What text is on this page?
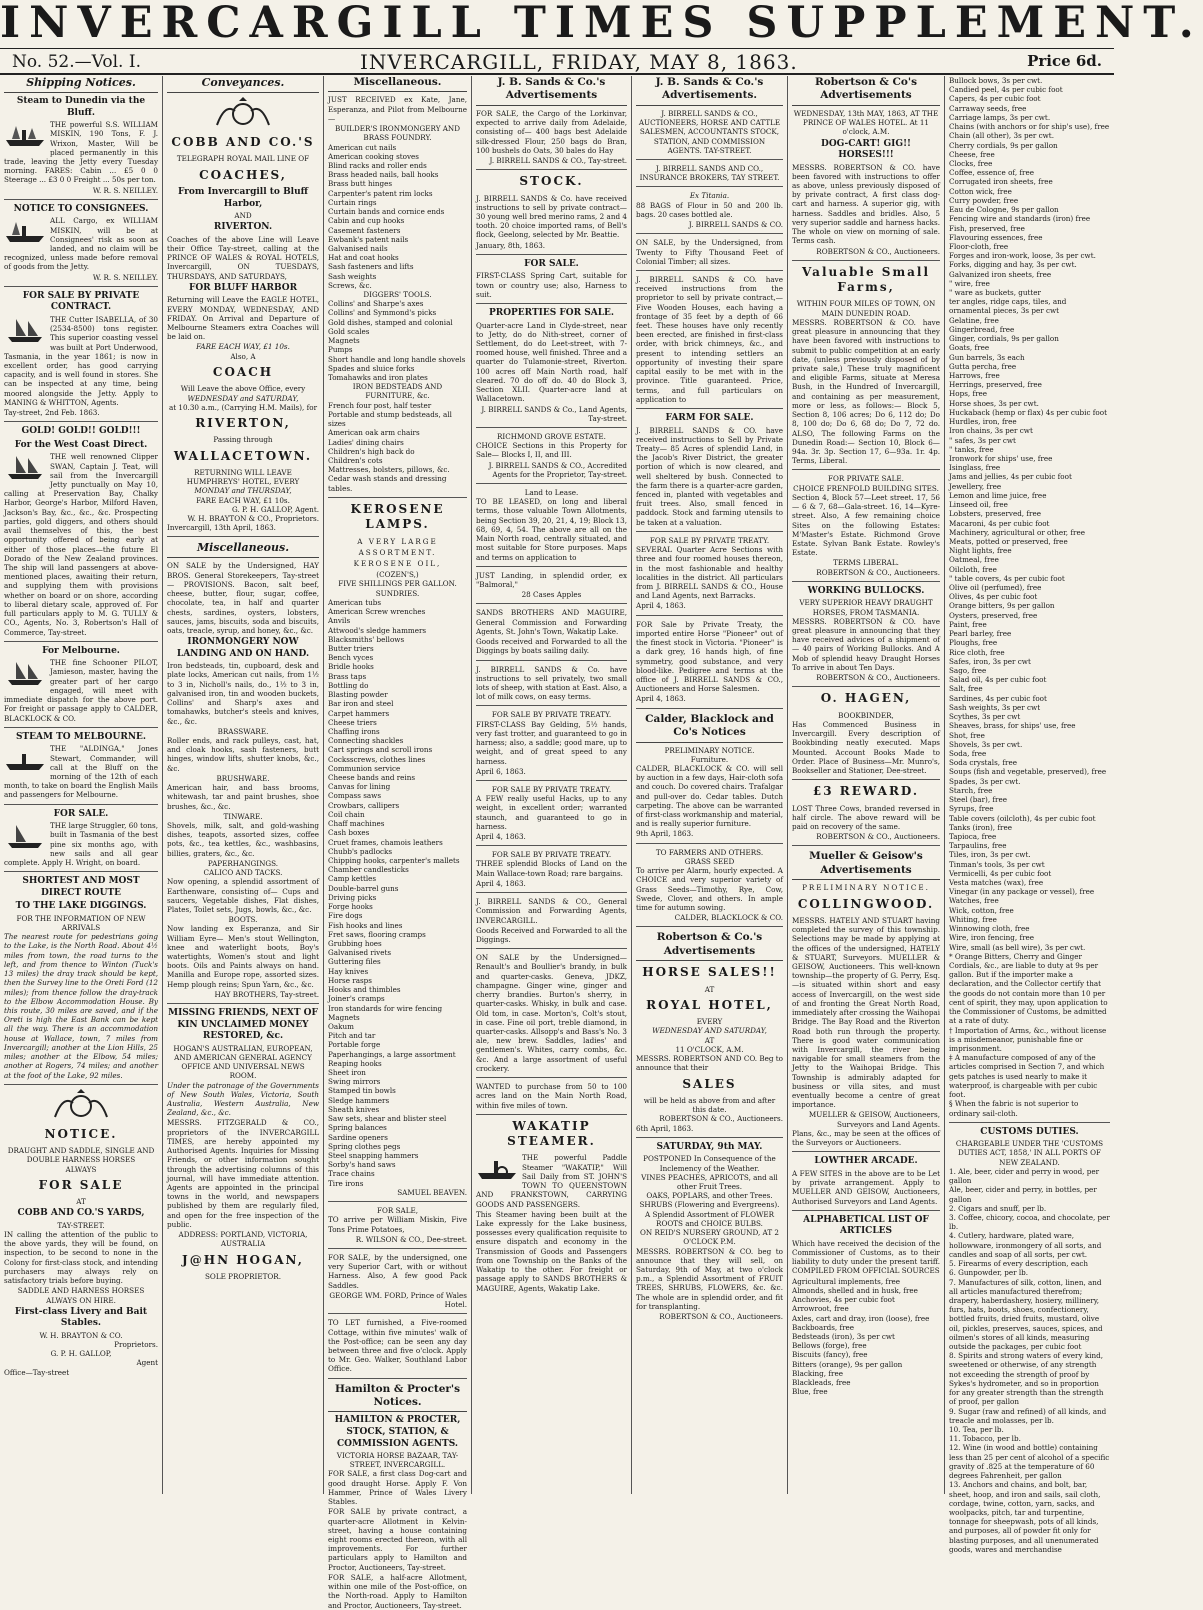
INVERCARGILL TIMES SUPPLEMENT.
No. 52.—Vol. I.	INVERCARGILL, FRIDAY, MAY 8, 1863.	Price 6d.
Shipping Notices.
Steam to Dunedin via the Bluff.

THE powerful S.S. WILLIAM MISKIN, 190 Tons, F. J. Wrixon, Master, Will be placed permanently in this trade, leaving the Jetty every Tuesday morning. FARES: Cabin ... £5 0 0 Steerage ... £3 0 0 Freight ... 50s per ton.

W. R. S. NEILLEY.
NOTICE TO CONSIGNEES.

ALL Cargo, ex WILLIAM MISKIN, will be at Consignees' risk as soon as landed, and no claim will be recognized, unless made before removal of goods from the Jetty.

W. R. S. NEILLEY.
FOR SALE BY PRIVATE CONTRACT.

THE Cutter ISABELLA, of 30 (2534-8500) tons register. This superior coasting vessel was built at Port Underwood, Tasmania, in the year 1861; is now in excellent order, has good carrying capacity, and is well found in stores. She can be inspected at any time, being moored alongside the Jetty. Apply to MANING & WHITTON, Agents.

Tay-street, 2nd Feb. 1863.
GOLD! GOLD!! GOLD!!!
For the West Coast Direct.

THE well renowned Clipper SWAN, Captain J. Teat, will sail from the Invercargill Jetty punctually on May 10, calling at Preservation Bay, Chalky Harbor, George's Harbor, Milford Haven, Jackson's Bay, &c., &c., &c. Prospecting parties, gold diggers, and others should avail themselves of this, the best opportunity offered of being early at either of those places—the future El Dorado of the New Zealand provinces. The ship will land passengers at above-mentioned places, awaiting their return, and supplying them with provisions whether on board or on shore, according to liberal dietary scale, approved of. For full particulars apply to M. G. TULLY & CO., Agents, No. 3, Robertson's Hall of Commerce, Tay-street.

For Melbourne.

THE fine Schooner PILOT, Jamieson, master, having the greater part of her cargo engaged, will meet with immediate dispatch for the above port. For freight or passage apply to CALDER, BLACKLOCK & CO.

STEAM TO MELBOURNE.

THE "ALDINGA," Jones Stewart, Commander, will call at the Bluff on the morning of the 12th of each month, to take on board the English Mails and passengers for Melbourne.

FOR SALE.

THE large Struggler, 60 tons, built in Tasmania of the best pine six months ago, with new sails and all gear complete. Apply H. Wright, on board.

SHORTEST AND MOST DIRECT ROUTE
TO THE LAKE DIGGINGS.
FOR THE INFORMATION OF NEW ARRIVALS

The nearest route for pedestrians going to the Lake, is the North Road. About 4½ miles from town, the road turns to the left, and from thence to Winton (Tuck's 13 miles) the dray track should be kept, then the Survey line to the Oreti Ford (12 miles); from thence follow the dray-track to the Elbow Accommodation House. By this route, 30 miles are saved, and if the Oreti is high the East Bank can be kept all the way. There is an accommodation house at Wallace, town, 7 miles from Invercargill; another at the Lion Hills, 25 miles; another at the Elbow, 54 miles; another at Rogers, 74 miles; and another at the foot of the Lake, 92 miles.

NOTICE.
DRAUGHT AND SADDLE, SINGLE AND
DOUBLE HARNESS HORSES
ALWAYS
FOR SALE
AT
COBB AND CO.'S YARDS,
TAY-STREET.

IN calling the attention of the public to the above yards, they will be found, on inspection, to be second to none in the Colony for first-class stock, and intending purchasers may always rely on satisfactory trials before buying.

SADDLE AND HARNESS HORSES ALWAYS ON HIRE.
First-class Livery and Bait Stables.
W. H. BRAYTON & CO.
Proprietors.
G. P. H. GALLOP,
Agent
Office—Tay-street
Conveyances.
COBB AND CO.'S
TELEGRAPH ROYAL MAIL LINE OF
COACHES,
From Invercargill to Bluff Harbor,
AND
RIVERTON.

Coaches of the above Line will Leave their Office Tay-street, calling at the PRINCE OF WALES & ROYAL HOTELS, Invercargill, ON TUESDAYS, THURSDAYS, AND SATURDAYS,

FOR BLUFF HARBOR

Returning will Leave the EAGLE HOTEL, EVERY MONDAY, WEDNESDAY, AND FRIDAY. On Arrival and Departure of Melbourne Steamers extra Coaches will be laid on.

FARE EACH WAY, £1 10s.
Also, A
COACH
Will Leave the above Office, every
WEDNESDAY and SATURDAY,
at 10.30 a.m., (Carrying H.M. Mails), for
RIVERTON,
Passing through
WALLACETOWN.
RETURNING WILL LEAVE HUMPHREYS' HOTEL, EVERY
MONDAY and THURSDAY,
FARE EACH WAY, £1 10s.
G. P. H. GALLOP, Agent.
W. H. BRAYTON & CO., Proprietors.
Invercargill, 13th April, 1863.
Miscellaneous.

ON SALE by the Undersigned, HAY BROS. General Storekeepers, Tay-street— PROVISIONS. Bacon, salt beef, cheese, butter, flour, sugar, coffee, chocolate, tea, in half and quarter chests, sardines, oysters, lobsters, sauces, jams, biscuits, soda and biscuits, oats, treacle, syrup, and honey, &c., &c.

IRONMONGERY NOW LANDING AND ON HAND.

Iron bedsteads, tin, cupboard, desk and plate locks, American cut nails, from 1½ to 3 in, Nicholl's nails, do., 1½ to 3 in, galvanised iron, tin and wooden buckets, Collins' and Sharp's axes and tomahawks, butcher's steels and knives, &c., &c.

BRASSWARE.

Roller ends, and rack pulleys, cast, hat, and cloak hooks, sash fasteners, butt hinges, window lifts, shutter knobs, &c., &c.

BRUSHWARE.

American hair, and bass brooms, whitewash, tar and paint brushes, shoe brushes, &c., &c.

TINWARE.

Shovels, milk, salt, and gold-washing dishes, teapots, assorted sizes, coffee pots, &c., tea kettles, &c., washbasins, billies, graters, &c., &c.

PAPERHANGINGS.
CALICO AND TACKS.

Now opening, a splendid assortment of Earthenware, consisting of— Cups and saucers, Vegetable dishes, Flat dishes, Plates, Toilet sets, Jugs, bowls, &c., &c.

BOOTS.

Now landing ex Esperanza, and Sir William Eyre— Men's stout Wellington, knee and waterlight boots, Boy's watertights, Women's stout and light boots. Oils and Paints always on hand. Manilla and Europe rope, assorted sizes. Hemp plough reins; Spun Yarn, &c., &c.

HAY BROTHERS, Tay-street.
MISSING FRIENDS, NEXT OF KIN UNCLAIMED MONEY RESTORED, &c.
HOGAN'S AUSTRALIAN, EUROPEAN, AND AMERICAN GENERAL AGENCY OFFICE AND UNIVERSAL NEWS ROOM.

Under the patronage of the Governments of New South Wales, Victoria, South Australia, Western Australia, New Zealand, &c., &c.

MESSRS. FITZGERALD & CO., proprietors of the INVERCARGILL TIMES, are hereby appointed my Authorised Agents. Inquiries for Missing Friends, or other information sought through the advertising columns of this journal, will have immediate attention. Agents are appointed in the principal towns in the world, and newspapers published by them are regularly filed, and open for the free inspection of the public.

ADDRESS: PORTLAND, VICTORIA, AUSTRALIA
J@HN HOGAN,
SOLE PROPRIETOR.
Miscellaneous.

JUST RECEIVED ex Kate, Jane, Esperanza, and Pilot from Melbourne—

BUILDER'S IRONMONGERY AND BRASS FOUNDRY.
American cut nails
American cooking stoves
Blind racks and roller ends
Brass headed nails, ball hooks
Brass butt hinges
Carpenter's patent rim locks
Curtain rings
Curtain bands and cornice ends
Cabin and cup hooks
Casement fasteners
Ewbank's patent nails
Galvanised nails
Hat and coat hooks
Sash fasteners and lifts
Sash weights
Screws, &c.
DIGGERS' TOOLS.
Collins' and Sharpe's axes
Collins' and Symmond's picks
Gold dishes, stamped and colonial
Gold scales
Magnets
Pumps
Short handle and long handle shovels
Spades and sluice forks
Tomahawks and iron plates
IRON BEDSTEADS AND FURNITURE, &c.
French four post, half tester
Portable and stump bedsteads, all sizes
American oak arm chairs
Ladies' dining chairs
Children's high back do
Children's cots
Mattresses, bolsters, pillows, &c.
Cedar wash stands and dressing tables.
KEROSENE LAMPS.
A VERY LARGE
ASSORTMENT.
KEROSENE OIL,
(COZEN'S,)
FIVE SHILLINGS PER GALLON.
SUNDRIES.
American tubs
American Screw wrenches
Anvils
Attwood's sledge hammers
Blacksmiths' bellows
Butter triers
Bench vyces
Bridle hooks
Brass taps
Bottling do
Blasting powder
Bar iron and steel
Carpet hammers
Cheese triers
Chaffing irons
Connecting shackles
Cart springs and scroll irons
Cocksscrews, clothes lines
Communion service
Cheese bands and reins
Canvas for lining
Compass saws
Crowbars, callipers
Coil chain
Chaff machines
Cash boxes
Cruet frames, chamois leathers
Chubb's padlocks
Chipping hooks, carpenter's mallets
Chamber candlesticks
Camp kettles
Double-barrel guns
Driving picks
Forge hooks
Fire dogs
Fish hooks and lines
Fret saws, flooring cramps
Grubbing hoes
Galvanised rivets
Guttering files
Hay knives
Horse rasps
Hooks and thimbles
Joiner's cramps
Iron standards for wire fencing
Magnets
Oakum
Pitch and tar
Portable forge
Paperhangings, a large assortment
Reaping hooks
Sheet iron
Swing mirrors
Stamped tin bowls
Sledge hammers
Sheath knives
Saw sets, shear and blister steel
Spring balances
Sardine openers
Spring clothes pegs
Steel snapping hammers
Sorby's hand saws
Trace chains
Tire irons
SAMUEL BEAVEN.
FOR SALE,

TO arrive per William Miskin, Five Tons Prime Potatoes,

R. WILSON & CO., Dee-street.

FOR SALE, by the undersigned, one very Superior Cart, with or without Harness. Also, A few good Pack Saddles.

GEORGE WM. FORD, Prince of Wales Hotel.

TO LET furnished, a Five-roomed Cottage, within five minutes' walk of the Post-office; can be seen any day between three and five o'clock. Apply to Mr. Geo. Walker, Southland Labor Office.

Hamilton & Procter's Notices.
HAMILTON & PROCTER, STOCK, STATION, & COMMISSION AGENTS.
VICTORIA HORSE BAZAAR, TAY-STREET, INVERCARGILL.

FOR SALE, a first class Dog-cart and good draught Horse. Apply F. Von Hammer, Prince of Wales Livery Stables.

FOR SALE by private contract, a quarter-acre Allotment in Kelvin-street, having a house containing eight rooms erected thereon, with all improvements. For further particulars apply to Hamilton and Proctor, Auctioneers, Tay-street.

FOR SALE, a half-acre Allotment, within one mile of the Post-office, on the North-road. Apply to Hamilton and Proctor, Auctioneers, Tay-street.

J. B. Sands & Co.'s Advertisements

FOR SALE, the Cargo of the Lorkinvar, expected to arrive daily from Adelaide, consisting of— 400 bags best Adelaide silk-dressed Flour, 250 bags do Bran, 100 bushels do Oats, 30 bales do Hay

J. BIRRELL SANDS & CO., Tay-street.
STOCK.

J. BIRRELL SANDS & Co. have received instructions to sell by private contract— 30 young well bred merino rams, 2 and 4 tooth. 20 choice imported rams, of Bell's flock, Geelong, selected by Mr. Beattie.

January, 8th, 1863.
FOR SALE.

FIRST-CLASS Spring Cart, suitable for town or country use; also, Harness to suit.

PROPERTIES FOR SALE.

Quarter-acre Land in Clyde-street, near to Jetty, do do Nith-street, corner of Settlement, do do Leet-street, with 7-roomed house, well finished. Three and a quarter do Tulamonie-street, Riverton. 100 acres off Main North road, half cleared. 70 do off do. 40 do Block 3, Section XLII. Quarter-acre land at Wallacetown.

J. BIRRELL SANDS & Co., Land Agents, Tay-street.
RICHMOND GROVE ESTATE.

CHOICE Sections in this Property for Sale— Blocks I, II, and III.

J. BIRRELL SANDS & CO., Accredited Agents for the Proprietor, Tay-street.
Land to Lease.

TO BE LEASED, on long and liberal terms, those valuable Town Allotments, being Section 39, 20, 21, 4, 19; Block 13, 68, 69, 4, 54. The above are all on the Main North road, centrally situated, and most suitable for Store purposes. Maps and terms on application to

JUST Landing, in splendid order, ex "Balmoral,"

28 Cases Apples

SANDS BROTHERS AND MAGUIRE, General Commission and Forwarding Agents, St. John's Town, Wakatip Lake.

Goods received and Forwarded to all the Diggings by boats sailing daily.

J. BIRRELL SANDS & Co. have instructions to sell privately, two small lots of sheep, with station at East. Also, a lot of milk cows, on easy terms.

FOR SALE BY PRIVATE TREATY.

FIRST-CLASS Bay Gelding, 5½ hands, very fast trotter, and guaranteed to go in harness; also, a saddle; good mare, up to weight, and of great speed to any harness.

April 6, 1863.
FOR SALE BY PRIVATE TREATY.

A FEW really useful Hacks, up to any weight, in excellent order; warranted staunch, and guaranteed to go in harness.

April 4, 1863.
FOR SALE BY PRIVATE TREATY.

THREE splendid Blocks of Land on the Main Wallace-town Road; rare bargains.

April 4, 1863.

J. BIRRELL SANDS & CO., General Commission and Forwarding Agents, INVERCARGILL.

Goods Received and Forwarded to all the Diggings.

ON SALE by the Undersigned— Renault's and Boullier's brandy, in bulk and quarter-casks. Geneva, JDKZ, champagne. Ginger wine, ginger and cherry brandies. Burton's sherry, in quarter-casks. Whisky, in bulk and case. Old tom, in case. Morton's, Colt's stout, in case. Fine oil port, treble diamond, in quarter-casks. Allsopp's and Bass's No. 3 ale, new brew. Saddles, ladies' and gentlemen's. Whites, carry combs, &c. &c. And a large assortment of useful crockery.

WANTED to purchase from 50 to 100 acres land on the Main North Road, within five miles of town.

WAKATIP STEAMER.

THE powerful Paddle Steamer "WAKATIP," Will Sail Daily from ST. JOHN'S TOWN TO QUEENSTOWN AND FRANKSTOWN, CARRYING GOODS AND PASSENGERS.

This Steamer having been built at the Lake expressly for the Lake business, possesses every qualification requisite to ensure dispatch and economy in the Transmission of Goods and Passengers from one Township on the Banks of the Wakatip to the other. For freight or passage apply to SANDS BROTHERS & MAGUIRE, Agents, Wakatip Lake.

J. B. Sands & Co.'s Advertisements.
J. BIRRELL SANDS & CO., AUCTIONEERS, HORSE AND CATTLE SALESMEN, ACCOUNTANTS STOCK, STATION, AND COMMISSION AGENTS. TAY-STREET.
J. BIRRELL SANDS AND CO., INSURANCE BROKERS, TAY STREET.
Ex Titania.

88 BAGS of Flour in 50 and 200 lb. bags. 20 cases bottled ale.

J. BIRRELL SANDS & CO.

ON SALE, by the Undersigned, from Twenty to Fifty Thousand Feet of Colonial Timber; all sizes.

J. BIRRELL SANDS & CO. have received instructions from the proprietor to sell by private contract,— Five Wooden Houses, each having a frontage of 35 feet by a depth of 66 feet. These houses have only recently been erected, are finished in first-class order, with brick chimneys, &c., and present to intending settlers an opportunity of investing their spare capital easily to be met with in the province. Title guaranteed. Price, terms, and full particulars on application to

FARM FOR SALE.

J. BIRRELL SANDS & CO. have received instructions to Sell by Private Treaty— 85 Acres of splendid Land, in the Jacob's River District, the greater portion of which is now cleared, and well sheltered by bush. Connected to the farm there is a quarter-acre garden, fenced in, planted with vegetables and fruit trees. Also, small fenced in paddock. Stock and farming utensils to be taken at a valuation.

FOR SALE BY PRIVATE TREATY.

SEVERAL Quarter Acre Sections with three and four roomed houses thereon, in the most fashionable and healthy localities in the district. All particulars from J. BIRRELL SANDS & CO., House and Land Agents, next Barracks.

April 4, 1863.

FOR Sale by Private Treaty, the imported entire Horse "Pioneer" out of the finest stock in Victoria. "Pioneer" is a dark grey, 16 hands high, of fine symmetry, good substance, and very blood-like. Pedigree and terms at the office of J. BIRRELL SANDS & CO., Auctioneers and Horse Salesmen.

April 4, 1863.
Calder, Blacklock and Co's Notices
PRELIMINARY NOTICE.
Furniture.

CALDER, BLACKLOCK & CO. will sell by auction in a few days, Hair-cloth sofa and couch. Do covered chairs. Trafalgar and pull-over do. Cedar tables. Dutch carpeting. The above can be warranted of first-class workmanship and material, and is really superior furniture.

9th April, 1863.
TO FARMERS AND OTHERS.
GRASS SEED

To arrive per Alarm, hourly expected. A CHOICE and very superior variety of Grass Seeds—Timothy, Rye, Cow, Swede, Clover, and others. In ample time for autumn sowing.

CALDER, BLACKLOCK & CO.
Robertson & Co.'s Advertisements
HORSE SALES!!
AT
ROYAL HOTEL,
EVERY
WEDNESDAY AND SATURDAY,
AT
11 O'CLOCK, A.M.

MESSRS. ROBERTSON AND CO. Beg to announce that their

SALES
will be held as above from and after this date.
ROBERTSON & CO., Auctioneers.
6th April, 1863.
SATURDAY, 9th MAY.
POSTPONED In Consequence of the Inclemency of the Weather.
VINES PEACHES, APRICOTS, and all other Fruit Trees.
OAKS, POPLARS, and other Trees.
SHRUBS (Flowering and Evergreens).
A Splendid Assortment of FLOWER ROOTS and CHOICE BULBS.
ON REID'S NURSERY GROUND, AT 2 O'CLOCK P.M.

MESSRS. ROBERTSON & CO. beg to announce that they will sell, on Saturday, 9th of May, at two o'clock p.m., a Splendid Assortment of FRUIT TREES, SHRUBS, FLOWERS, &c. &c. The whole are in splendid order, and fit for transplanting.

ROBERTSON & CO., Auctioneers.
Robertson & Co's Advertisements
WEDNESDAY, 13th MAY, 1863, AT THE PRINCE OF WALES HOTEL. At 11 o'clock, A.M.
DOG-CART! GIG!! HORSES!!!

MESSRS. ROBERTSON & CO. have been favored with instructions to offer as above, unless previously disposed of by private contract, A first class dog-cart and harness. A superior gig, with harness. Saddles and bridles. Also, 5 very superior saddle and harness hacks. The whole on view on morning of sale. Terms cash.

ROBERTSON & CO., Auctioneers.
Valuable Small Farms,
WITHIN FOUR MILES OF TOWN, ON MAIN DUNEDIN ROAD.

MESSRS. ROBERTSON & CO. have great pleasure in announcing that they have been favored with instructions to submit to public competition at an early date, (unless previously disposed of by private sale,) These truly magnificent and eligible Farms, situate at Meresa Bush, in the Hundred of Invercargill, and containing as per measurement, more or less, as follows:— Block 5, Section 8, 106 acres; Do 6, 112 do; Do 8, 100 do; Do 6, 68 do; Do 7, 72 do. ALSO, The following Farms on the Dunedin Road:— Section 10, Block 6—94a. 3r. 3p. Section 17, 6—93a. 1r. 4p. Terms, Liberal.

FOR PRIVATE SALE.
CHOICE FRENFOLD BUILDING SITES.

Section 4, Block 57—Leet street. 17, 56— 6 & 7, 68—Gala-street. 16, 14—Kyre-street. Also, A few remaining choice Sites on the following Estates: M'Master's Estate. Richmond Grove Estate. Sylvan Bank Estate. Rowley's Estate.

TERMS LIBERAL.
ROBERTSON & CO., Auctioneers.
WORKING BULLOCKS.
VERY SUPERIOR HEAVY DRAUGHT HORSES, FROM TASMANIA.

MESSRS. ROBERTSON & CO. have great pleasure in announcing that they have received advices of a shipment of— 40 pairs of Working Bullocks. And A Mob of splendid heavy Draught Horses To arrive in about Ten Days.

ROBERTSON & CO., Auctioneers.
O. HAGEN,
BOOKBINDER,

Has Commenced Business in Invercargill. Every description of Bookbinding neatly executed. Maps Mounted. Account Books Made to Order. Place of Business—Mr. Munro's, Bookseller and Stationer, Dee-street.

£3 REWARD.

LOST Three Cows, branded reversed in half circle. The above reward will be paid on recovery of the same.

ROBERTSON & CO., Auctioneers.
Mueller & Geisow's Advertisements
PRELIMINARY NOTICE.
COLLINGWOOD.

MESSRS. HATELY AND STUART having completed the survey of this township. Selections may be made by applying at the offices of the undersigned, HATELY & STUART, Surveyors. MUELLER & GEISOW, Auctioneers. This well-known township—the property of G. Perry, Esq.—is situated within short and easy access of Invercargill, on the west side of and fronting the Great North Road, immediately after crossing the Waihopai Bridge. The Bay Road and the Riverton Road both run through the property. There is good water communication with Invercargill, the river being navigable for small steamers from the Jetty to the Waihopai Bridge. This Township is admirably adapted for business or villa sites, and must eventually become a centre of great importance.

MUELLER & GEISOW, Auctioneers, Surveyors and Land Agents.

Plans, &c., may be seen at the offices of the Surveyors or Auctioneers.

LOWTHER ARCADE.

A FEW SITES in the above are to be Let by private arrangement. Apply to MUELLER AND GEISOW, Auctioneers, Authorised Surveyors and Land Agents.

ALPHABETICAL LIST OF ARTICLES

Which have received the decision of the Commissioner of Customs, as to their liability to duty under the present tariff. COMPILED FROM OFFICIAL SOURCES

Agricultural implements, free
Almonds, shelled and in husk, free
Anchovies, 4s per cubic foot
Arrowroot, free
Axles, cart and dray, iron (loose), free
Backboards, free
Bedsteads (iron), 3s per cwt
Bellows (forge), free
Biscuits (fancy), free
Bitters (orange), 9s per gallon
Blacking, free
Blackleads, free
Blue, free
Bullock bows, 3s per cwt.
Candied peel, 4s per cubic foot
Capers, 4s per cubic foot
Carraway seeds, free
Carriage lamps, 3s per cwt.
Chains (with anchors or for ship's use), free
Chain (all other), 3s per cwt.
Cherry cordials, 9s per gallon
Cheese, free
Clocks, free
Coffee, essence of, free
Corrugated iron sheets, free
Cotton wick, free
Curry powder, free
Eau de Cologne, 9s per gallon
Fencing wire and standards (iron) free
Fish, preserved, free
Flavouring essences, free
Floor-cloth, free
Forges and iron-work, loose, 3s per cwt.
Forks, digging and hay, 3s per cwt.
Galvanized iron sheets, free
" wire, free
" ware as buckets, gutter
ter angles, ridge caps, tiles, and ornamental pieces, 3s per cwt
Gelatine, free
Gingerbread, free
Ginger, cordials, 9s per gallon
Goats, free
Gun barrels, 3s each
Gutta percha, free
Harrows, free
Herrings, preserved, free
Hops, free
Horse shoes, 3s per cwt.
Huckaback (hemp or flax) 4s per cubic foot
Hurdles, iron, free
Iron chains, 3s per cwt
" safes, 3s per cwt
" tanks, free
Ironwork for ships' use, free
Isinglass, free
Jams and jellies, 4s per cubic foot
Jewellery, free
Lemon and lime juice, free
Linseed oil, free
Lobsters, preserved, free
Macaroni, 4s per cubic foot
Machinery, agricultural or other, free
Meats, potted or preserved, free
Night lights, free
Oatmeal, free
Oilcloth, free
" table covers, 4s per cubic foot
Olive oil (perfumed), free
Olives, 4s per cubic foot
Orange bitters, 9s per gallon
Oysters, preserved, free
Paint, free
Pearl barley, free
Ploughs, free
Rice cloth, free
Safes, iron, 3s per cwt
Sago, free
Salad oil, 4s per cubic foot
Salt, free
Sardines, 4s per cubic foot
Sash weights, 3s per cwt
Scythes, 3s per cwt
Sheaves, brass, for ships' use, free
Shot, free
Shovels, 3s per cwt.
Soda, free
Soda crystals, free
Soups (fish and vegetable, preserved), free
Spades, 3s per cwt.
Starch, free
Steel (bar), free
Syrups, free
Table covers (oilcloth), 4s per cubic foot
Tanks (iron), free
Tapioca, free
Tarpaulins, free
Tiles, iron, 3s per cwt.
Tinman's tools, 3s per cwt
Vermicelli, 4s per cubic foot
Vesta matches (wax), free
Vinegar (in any package or vessel), free
Watches, free
Wick, cotton, free
Whiting, free
Winnowing cloth, free
Wire, iron fencing, free
Wire, small (as bell wire), 3s per cwt.
* Orange Bitters, Cherry and Ginger Cordials, &c., are liable to duty at 9s per gallon. But if the importer make a declaration, and the Collector certify that the goods do not contain more than 10 per cent of spirit, they may, upon application to the Commissioner of Customs, be admitted at a rate of duty.
† Importation of Arms, &c., without license is a misdemeanor, punishable fine or imprisonment.
‡ A manufacture composed of any of the articles comprised in Section 7, and which gets patches is used nearly to make it waterproof, is chargeable with per cubic foot.
§ When the fabric is not superior to ordinary sail-cloth.
CUSTOMS DUTIES.
CHARGEABLE UNDER THE 'CUSTOMS DUTIES ACT, 1858,' IN ALL PORTS OF NEW ZEALAND.
1. Ale, beer, cider and perry in wood, per gallon
Ale, beer, cider and perry, in bottles, per gallon
2. Cigars and snuff, per lb.
3. Coffee, chicory, cocoa, and chocolate, per lb.
4. Cutlery, hardware, plated ware, hollowware, ironmongery of all sorts, and candles and soap of all sorts, per cwt.
5. Firearms of every description, each
6. Gunpowder, per lb.
7. Manufactures of silk, cotton, linen, and all articles manufactured therefrom; drapery, haberdashery, hosiery, millinery, furs, hats, boots, shoes, confectionery, bottled fruits, dried fruits, mustard, olive oil, pickles, preserves, sauces, spices, and oilmen's stores of all kinds, measuring outside the packages, per cubic foot
8. Spirits and strong waters of every kind, sweetened or otherwise, of any strength not exceeding the strength of proof by Sykes's hydrometer, and so in proportion for any greater strength than the strength of proof, per gallon
9. Sugar (raw and refined) of all kinds, and treacle and molasses, per lb.
10. Tea, per lb.
11. Tobacco, per lb.
12. Wine (in wood and bottle) containing less than 25 per cent of alcohol of a specific gravity of .825 at the temperature of 60 degrees Fahrenheit, per gallon
13. Anchors and chains, and bolt, bar, sheet, hoop, and iron and sails, sail cloth, cordage, twine, cotton, yarn, sacks, and woolpacks, pitch, tar and turpentine, tonnage for sheepwash, pots of all kinds, and purposes, all of powder fit only for blasting purposes, and all unenumerated goods, wares and merchandise
